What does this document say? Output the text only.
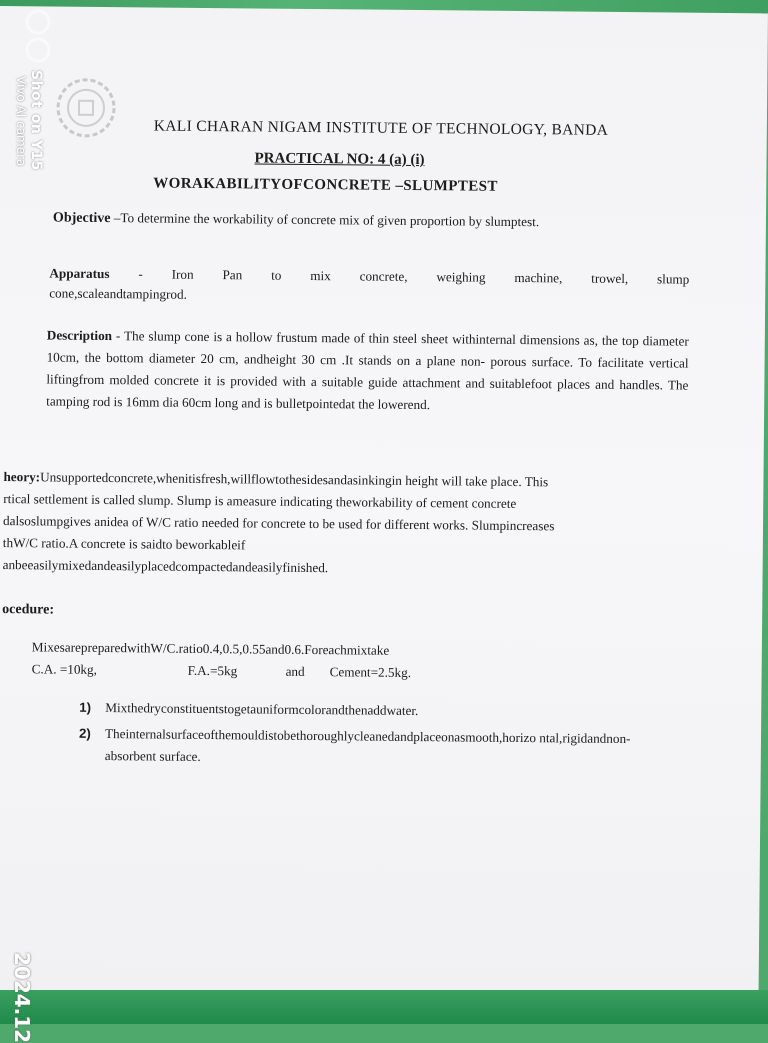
KALI CHARAN NIGAM INSTITUTE OF TECHNOLOGY, BANDA
PRACTICAL NO: 4 (a) (i)
WORAKABILITYOFCONCRETE –SLUMPTEST
Objective –To determine the workability of concrete mix of given proportion by slumptest.
Apparatus - Iron Pan to mix concrete, weighing machine, trowel, slump
cone,scaleandtampingrod.
Description - The slump cone is a hollow frustum made of thin steel sheet withinternal dimensions as, the top diameter 10cm, the bottom diameter 20 cm, andheight 30 cm .It stands on a plane non- porous surface. To facilitate vertical liftingfrom molded concrete it is provided with a suitable guide attachment and suitablefoot places and handles. The tamping rod is 16mm dia 60cm long and is bulletpointedat the lowerend.
heory:Unsupportedconcrete,whenitisfresh,willflowtothesidesandasinkingin height will take place. This
rtical settlement is called slump. Slump is ameasure indicating theworkability of cement concrete
dalsoslumpgives anidea of W/C ratio needed for concrete to be used for different works. Slumpincreases
thW/C ratio.A concrete is saidto beworkableif
anbeeasilymixedandeasilyplacedcompactedandeasilyfinished.
ocedure:
MixesarepreparedwithW/C.ratio0.4,0.5,0.55and0.6.Foreachmixtake
C.A. =10kg,	F.A.=5kg	and Cement=2.5kg.
1) Mixthedryconstituentstogetauniformcolorandthenaddwater.
2) Theinternalsurfaceofthemouldistobethoroughlycleanedandplaceonasmooth,horizo ntal,rigidandnon-absorbent surface.
Shot on Y15
Vivo AI camera
2024.12
